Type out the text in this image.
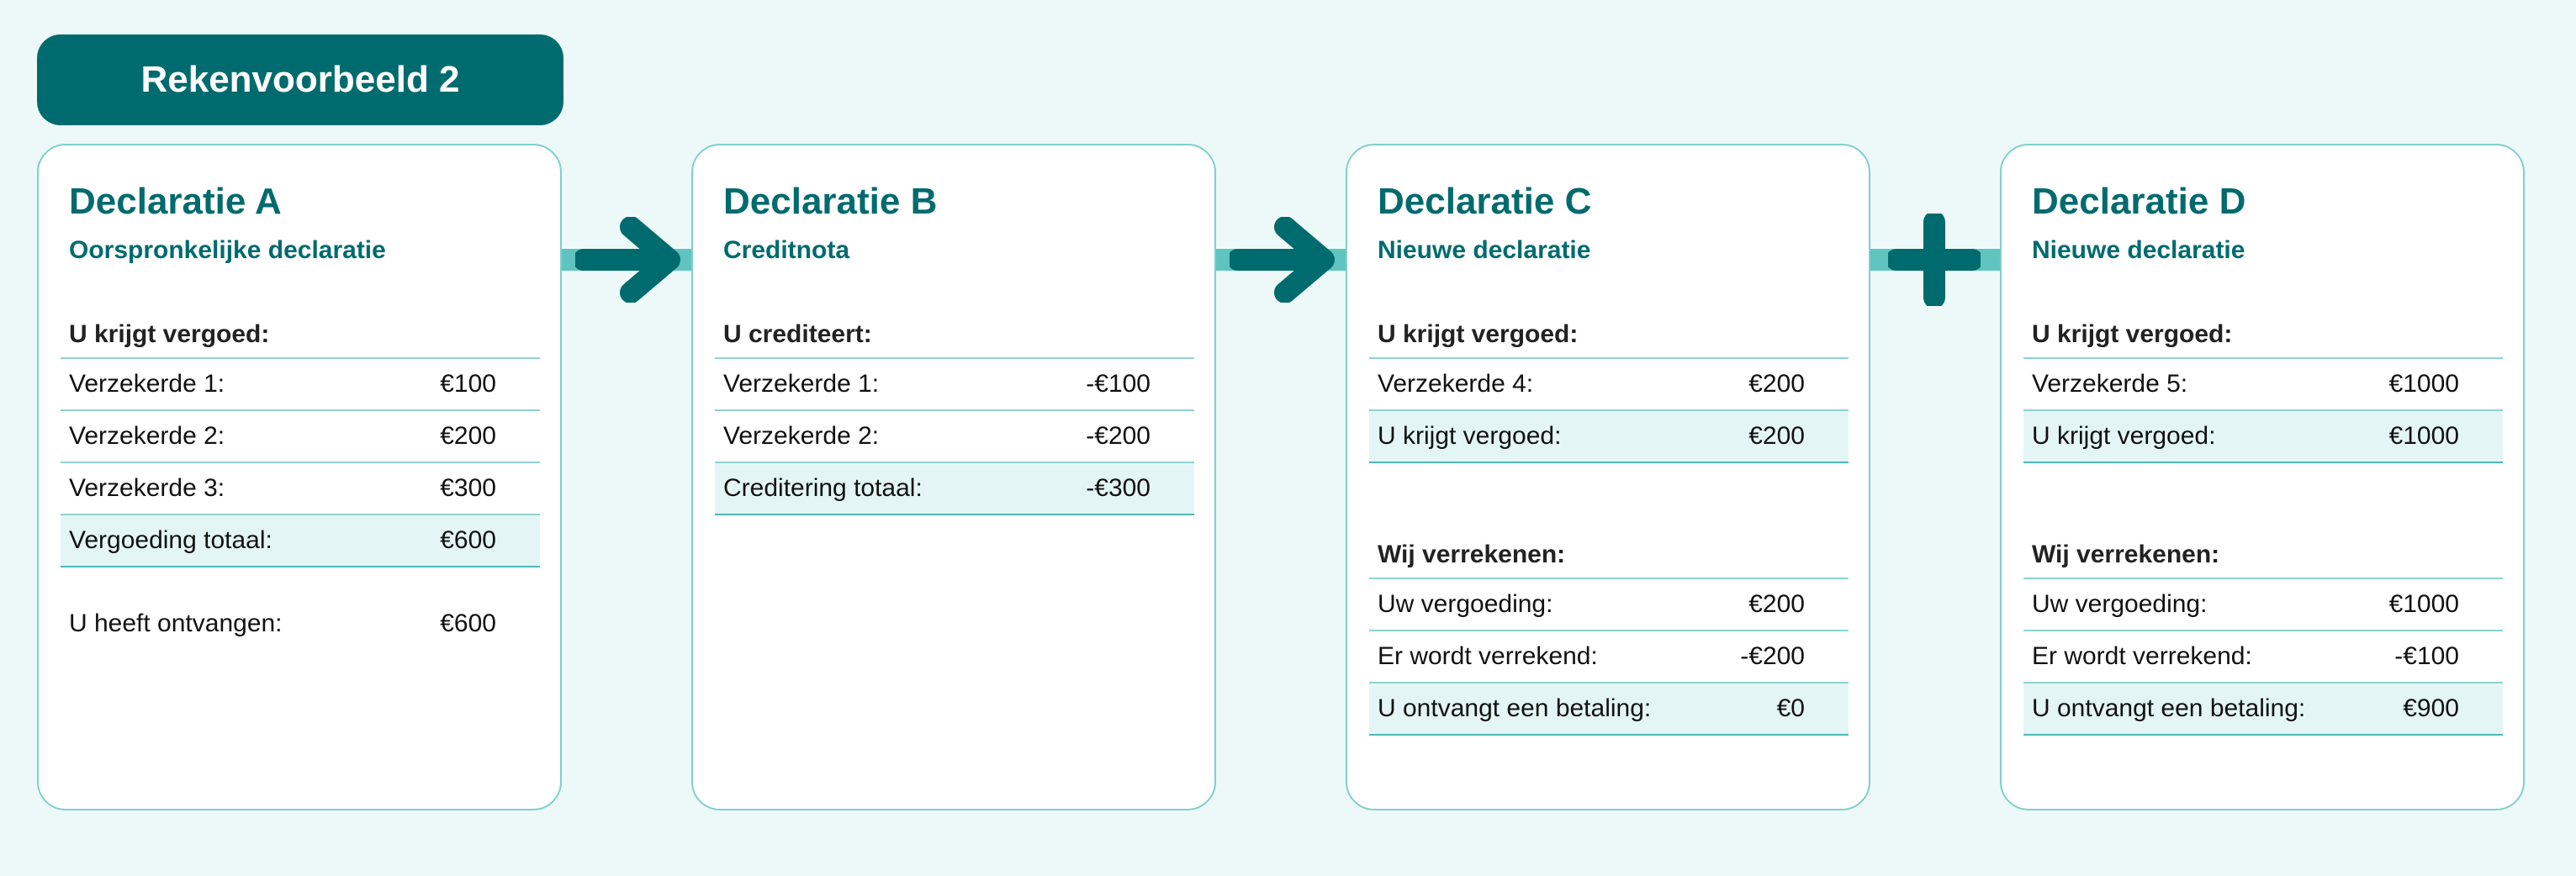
Rekenvoorbeeld 2
Declaratie A
Oorspronkelijke declaratie
U krijgt vergoed:
Verzekerde 1:	€100
Verzekerde 2:	€200
Verzekerde 3:	€300
Vergoeding totaal:	€600
U heeft ontvangen:	€600
Declaratie B
Creditnota
U crediteert:
Verzekerde 1:	-€100
Verzekerde 2:	-€200
Creditering totaal:	-€300
Declaratie C
Nieuwe declaratie
U krijgt vergoed:
Verzekerde 4:	€200
U krijgt vergoed:	€200
Wij verrekenen:
Uw vergoeding:	€200
Er wordt verrekend:	-€200
U ontvangt een betaling:	€0
Declaratie D
Nieuwe declaratie
U krijgt vergoed:
Verzekerde 5:	€1000
U krijgt vergoed:	€1000
Wij verrekenen:
Uw vergoeding:	€1000
Er wordt verrekend:	-€100
U ontvangt een betaling:	€900
